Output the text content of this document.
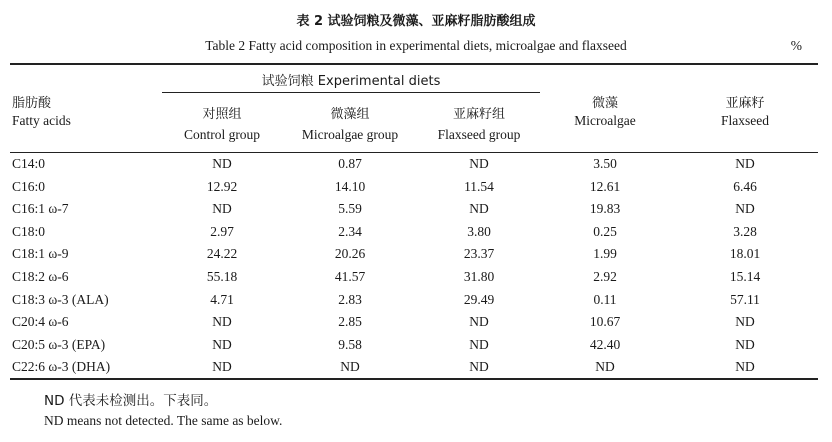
表 2 试验饲粮及微藻、亚麻籽脂肪酸组成
Table 2 Fatty acid composition in experimental diets, microalgae and flaxseed	%
脂肪酸
Fatty acids
试验饲粮 Experimental diets
对照组
Control group
微藻组
Microalgae group
亚麻籽组
Flaxseed group
微藻
Microalgae
亚麻籽
Flaxseed
C14:0	ND	0.87	ND	3.50	ND
C16:0	12.92	14.10	11.54	12.61	6.46
C16:1 ω-7	ND	5.59	ND	19.83	ND
C18:0	2.97	2.34	3.80	0.25	3.28
C18:1 ω-9	24.22	20.26	23.37	1.99	18.01
C18:2 ω-6	55.18	41.57	31.80	2.92	15.14
C18:3 ω-3 (ALA)	4.71	2.83	29.49	0.11	57.11
C20:4 ω-6	ND	2.85	ND	10.67	ND
C20:5 ω-3 (EPA)	ND	9.58	ND	42.40	ND
C22:6 ω-3 (DHA)	ND	ND	ND	ND	ND
ND 代表未检测出。下表同。
ND means not detected. The same as below.
